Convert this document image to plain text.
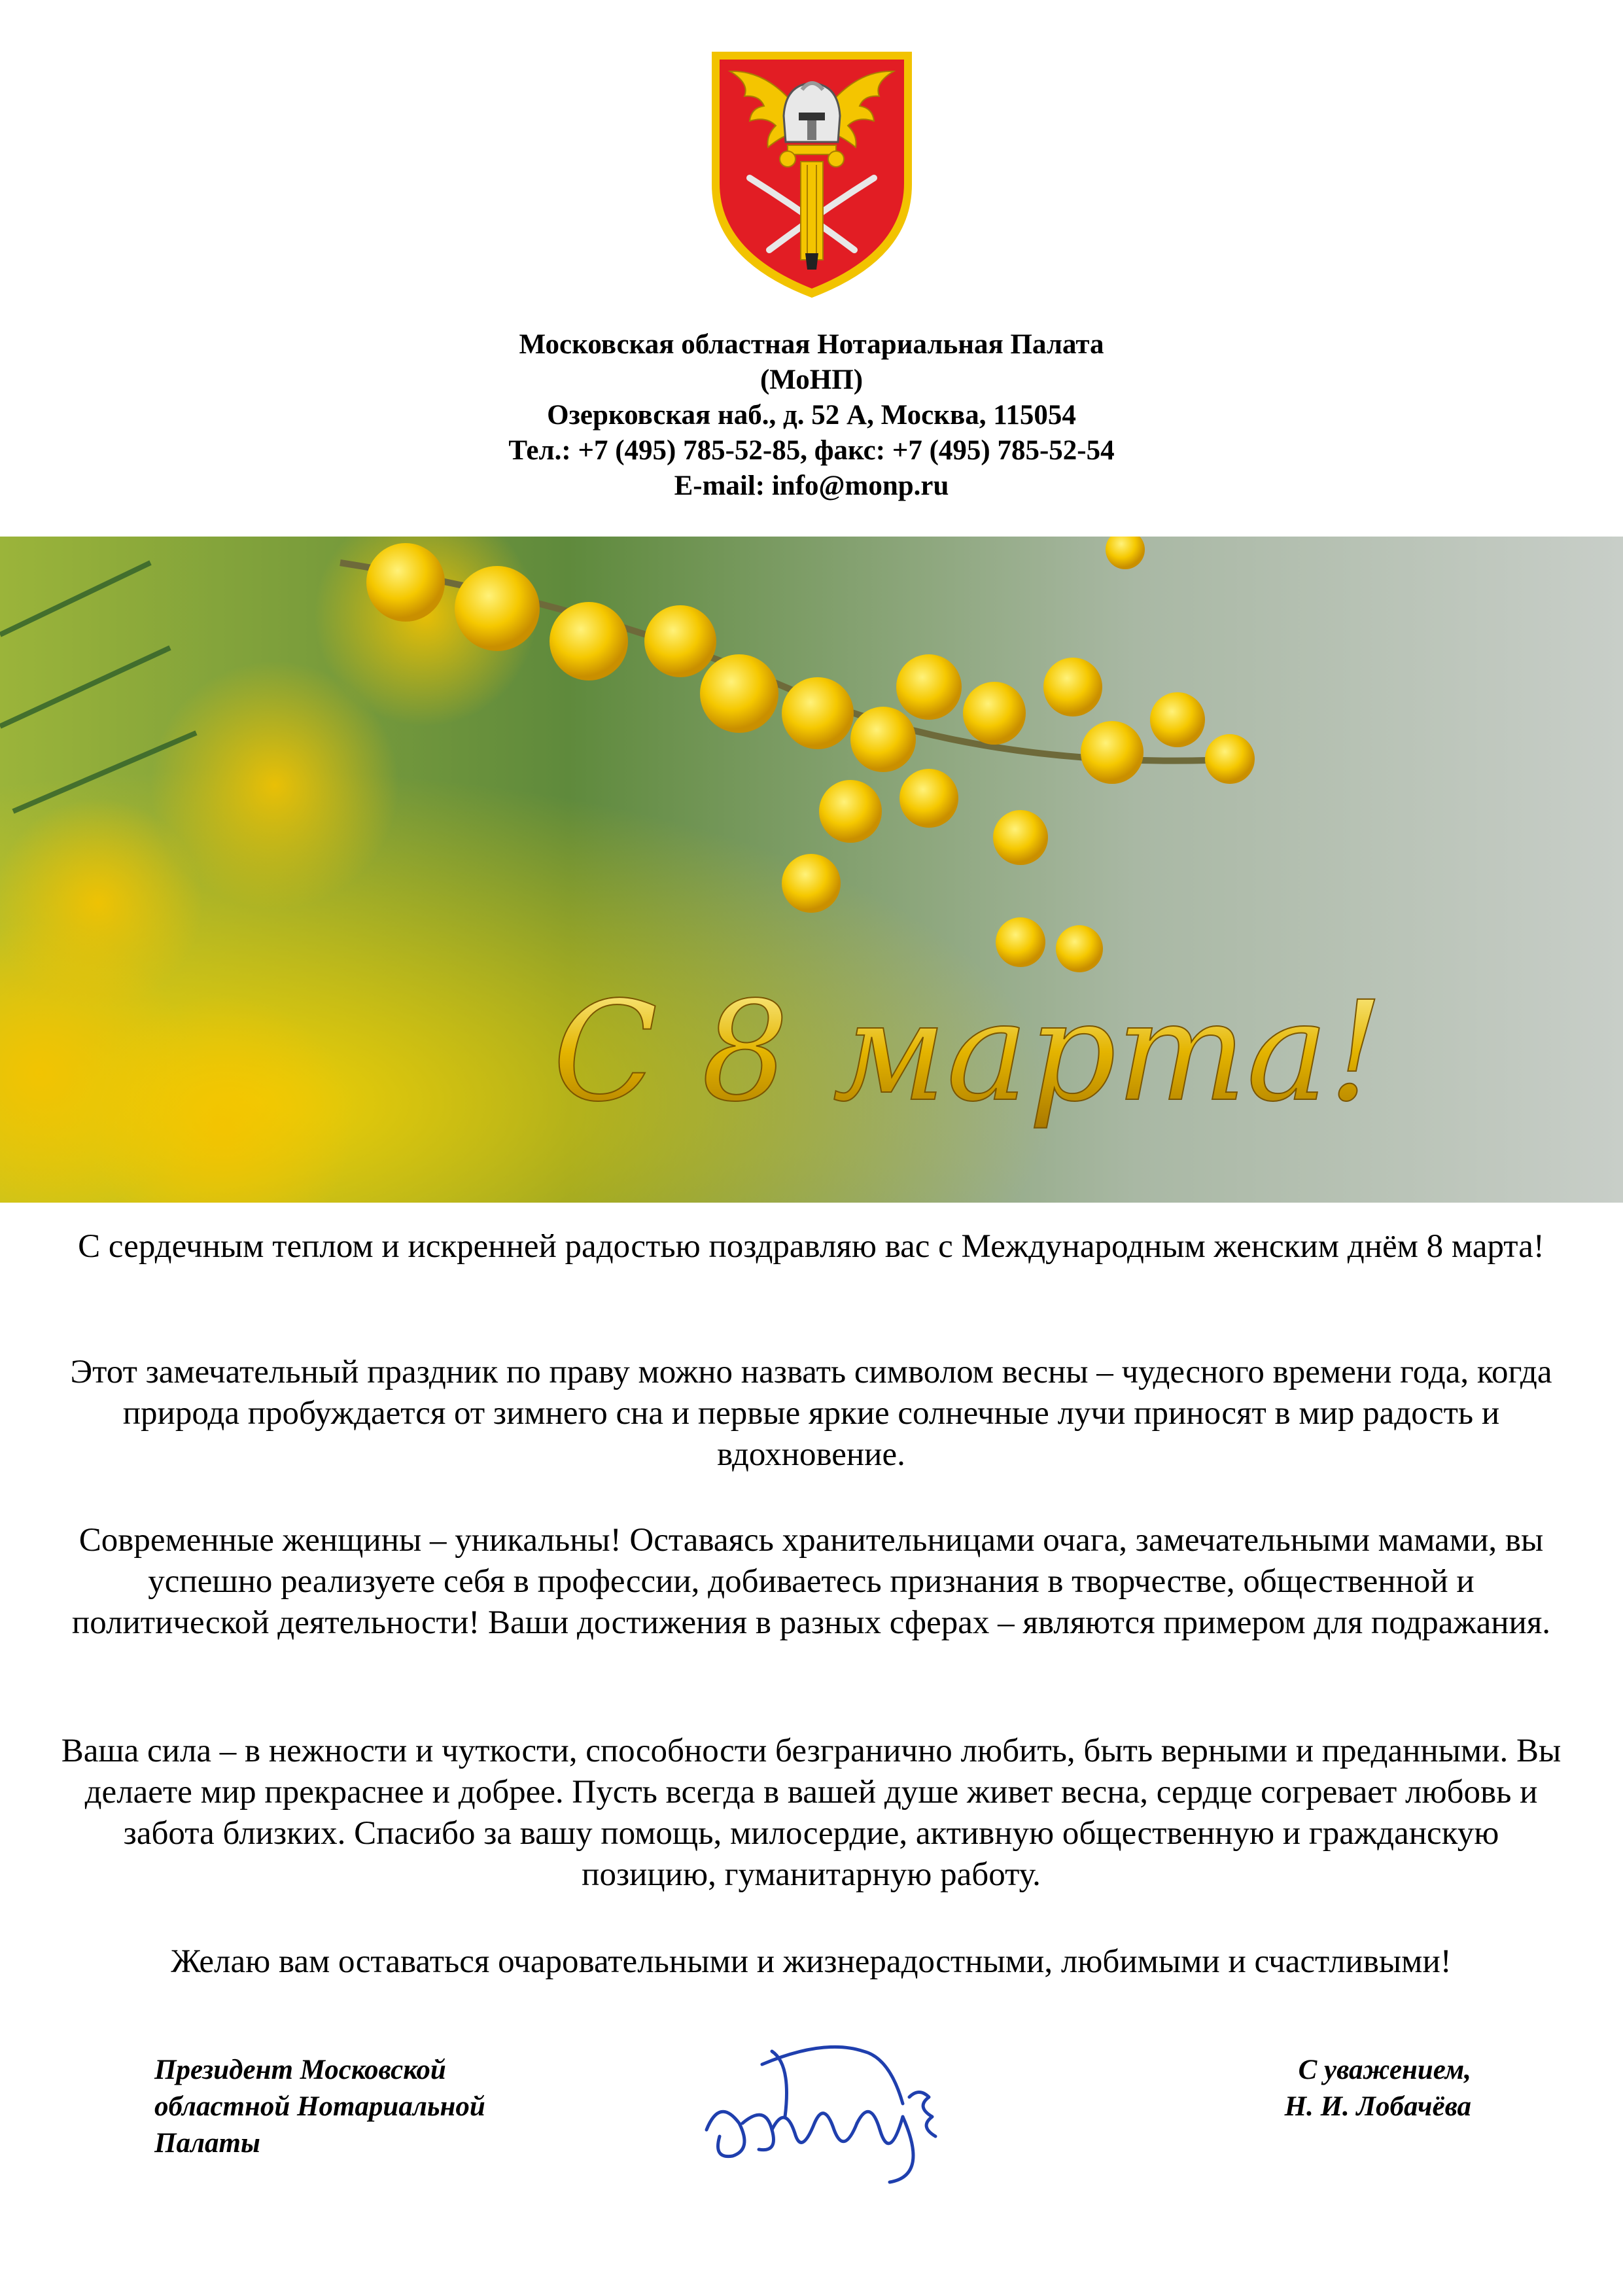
Московская областная Нотариальная Палата
(МоНП)
Озерковская наб., д. 52 А, Москва, 115054
Тел.: +7 (495) 785-52-85, факс: +7 (495) 785-52-54
E-mail: info@monp.ru
С 8 марта!
С сердечным теплом и искренней радостью поздравляю вас с Международным женским днём 8 марта!
Этот замечательный праздник по праву можно назвать символом весны – чудесного времени года, когда природа пробуждается от зимнего сна и первые яркие солнечные лучи приносят в мир радость и вдохновение.
Современные женщины – уникальны! Оставаясь хранительницами очага, замечательными мамами, вы успешно реализуете себя в профессии, добиваетесь признания в творчестве, общественной и политической деятельности! Ваши достижения в разных сферах – являются примером для подражания.
Ваша сила – в нежности и чуткости, способности безгранично любить, быть верными и преданными. Вы делаете мир прекраснее и добрее. Пусть всегда в вашей душе живет весна, сердце согревает любовь и забота близких. Спасибо за вашу помощь, милосердие, активную общественную и гражданскую позицию, гуманитарную работу.
Желаю вам оставаться очаровательными и жизнерадостными, любимыми и счастливыми!
Президент Московской
областной Нотариальной
Палаты
С уважением,
Н. И. Лобачёва
